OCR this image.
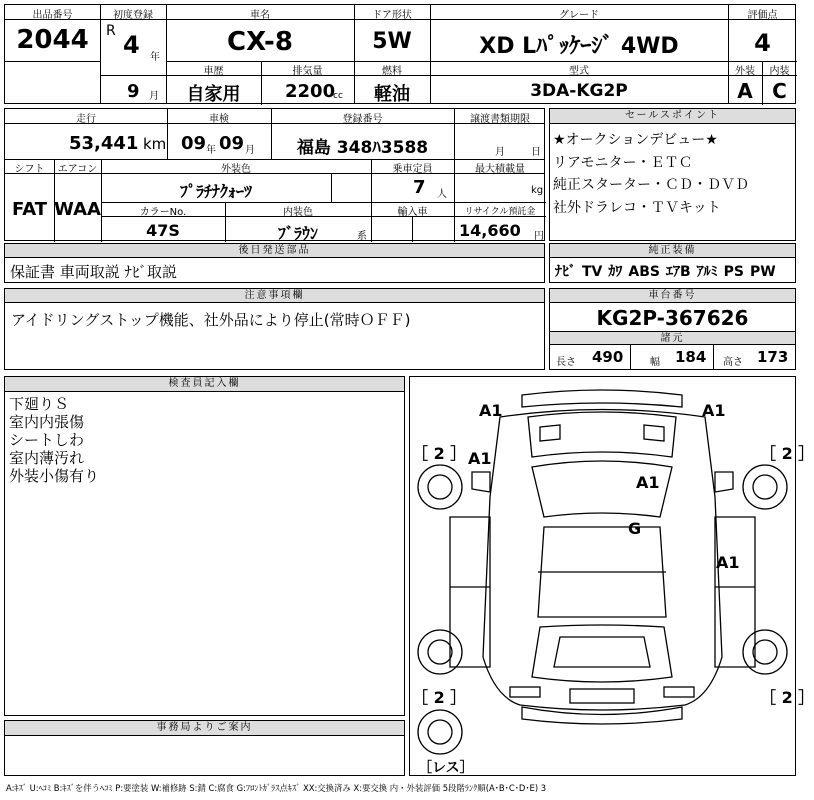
出品番号
2044
初度登録
R 4 年
9 月
車名
CX-8
ドア形状
5W
グレード
XD Lﾊﾟｯｹｰｼﾞ 4WD
評価点
4
車歴
自家用
排気量
2200
cc
燃料
軽油
型式
3DA-KG2P
外装
A
内装
C
走行
53,441 km
車検
09 年 09 月
登録番号
福島 348ﾊ3588
譲渡書類期限
月	日
シフト
FAT
エアコン
WAA
外装色
ﾌﾟﾗﾁﾅｸｫｰﾂ
乗車定員
7 人
最大積載量
kg
カラーNo.
47S
内装色
ﾌﾞﾗｳﾝ	系
輸入車	リサイクル預託金
14,660 円
セールスポイント
★オークションデビュー★
リアモニター・ＥＴＣ
純正スターター・ＣＤ・ＤＶＤ
社外ドラレコ・ＴＶキット
後日発送部品
保証書 車両取説 ﾅﾋﾞ取説
純正装備
ﾅﾋﾞ TV ｶﾜ ABS ｴｱB ｱﾙﾐ PS PW
注意事項欄
アイドリングストップ機能、社外品により停止(常時ＯＦＦ)
車台番号
KG2P-367626
諸元
長さ 490	幅 184 高さ 173
検査員記入欄
下廻りＳ
室内内張傷
シートしわ
室内薄汚れ
外装小傷有り
事務局よりご案内
A1	A1
A1
A1
G
A1
［ 2 ］	［ 2 ］
［ 2 ］	［ 2 ］
［レス］
A:ｷｽﾞ U:ﾍｺﾐ B:ｷｽﾞを伴うﾍｺﾐ P:要塗装 W:補修跡 S:錆 C:腐食 G:ﾌﾛﾝﾄｶﾞﾗｽ点ｷｽﾞ XX:交換済み X:要交換 内・外装評価 5段階ﾗﾝｸ順(A･B･C･D･E) 3
